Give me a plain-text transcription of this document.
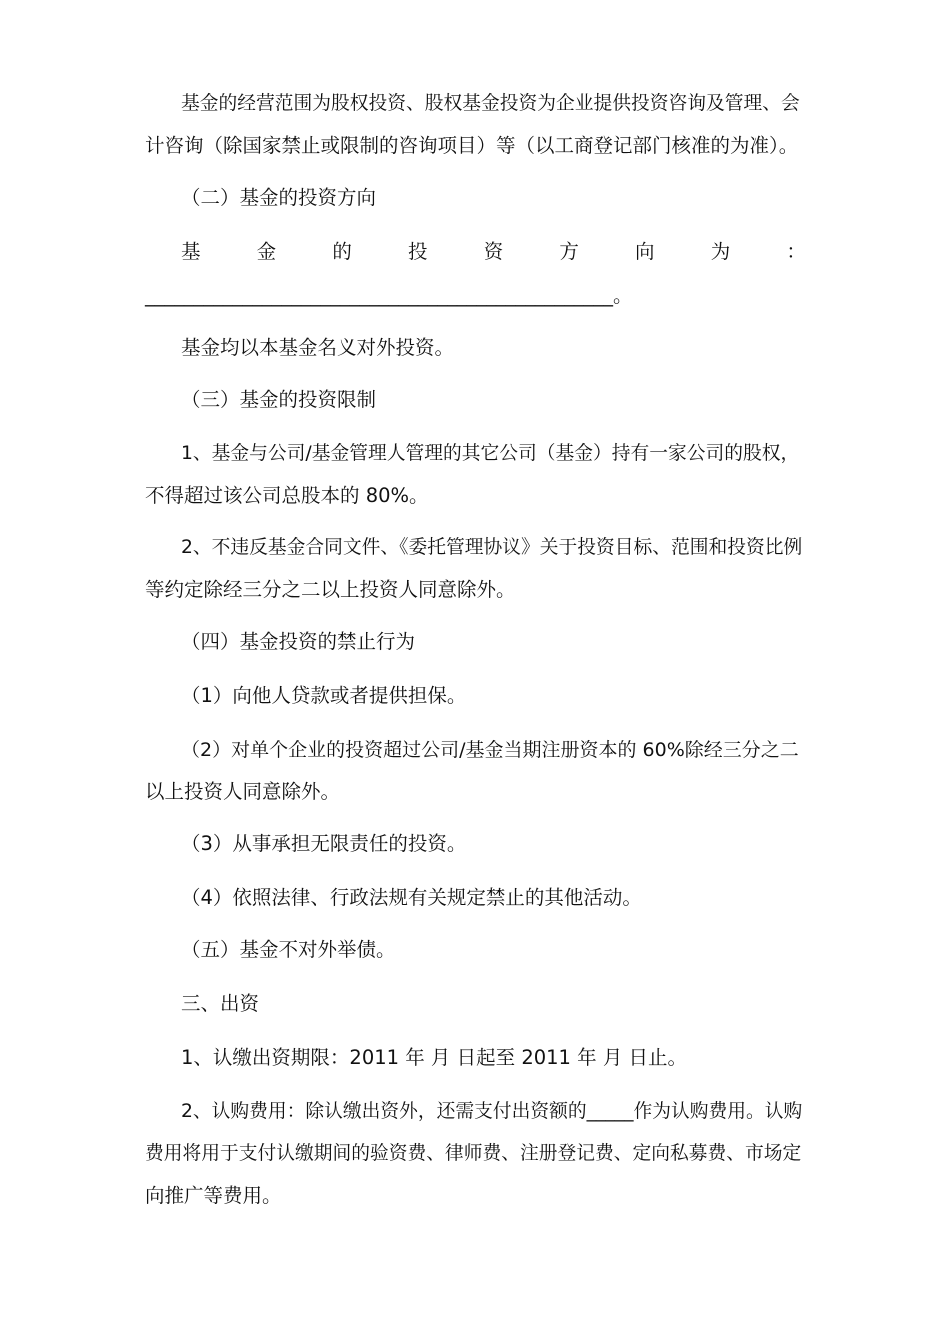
基金的经营范围为股权投资、股权基金投资为企业提供投资咨询及管理、会
计咨询（除国家禁止或限制的咨询项目）等（以工商登记部门核准的为准）。
（二）基金的投资方向
基	金	的	投	资	方	向	为	：
________________________________________________。
基金均以本基金名义对外投资。
（三）基金的投资限制
1、基金与公司/基金管理人管理的其它公司（基金）持有一家公司的股权，
不得超过该公司总股本的 80%。
2、不违反基金合同文件、《委托管理协议》关于投资目标、范围和投资比例
等约定除经三分之二以上投资人同意除外。
（四）基金投资的禁止行为
（1）向他人贷款或者提供担保。
（2）对单个企业的投资超过公司/基金当期注册资本的 60%除经三分之二
以上投资人同意除外。
（3）从事承担无限责任的投资。
（4）依照法律、行政法规有关规定禁止的其他活动。
（五）基金不对外举债。
三、出资
1、认缴出资期限：2011 年 月 日起至 2011 年 月 日止。
2、认购费用：除认缴出资外，还需支付出资额的_____作为认购费用。认购
费用将用于支付认缴期间的验资费、律师费、注册登记费、定向私募费、市场定
向推广等费用。
